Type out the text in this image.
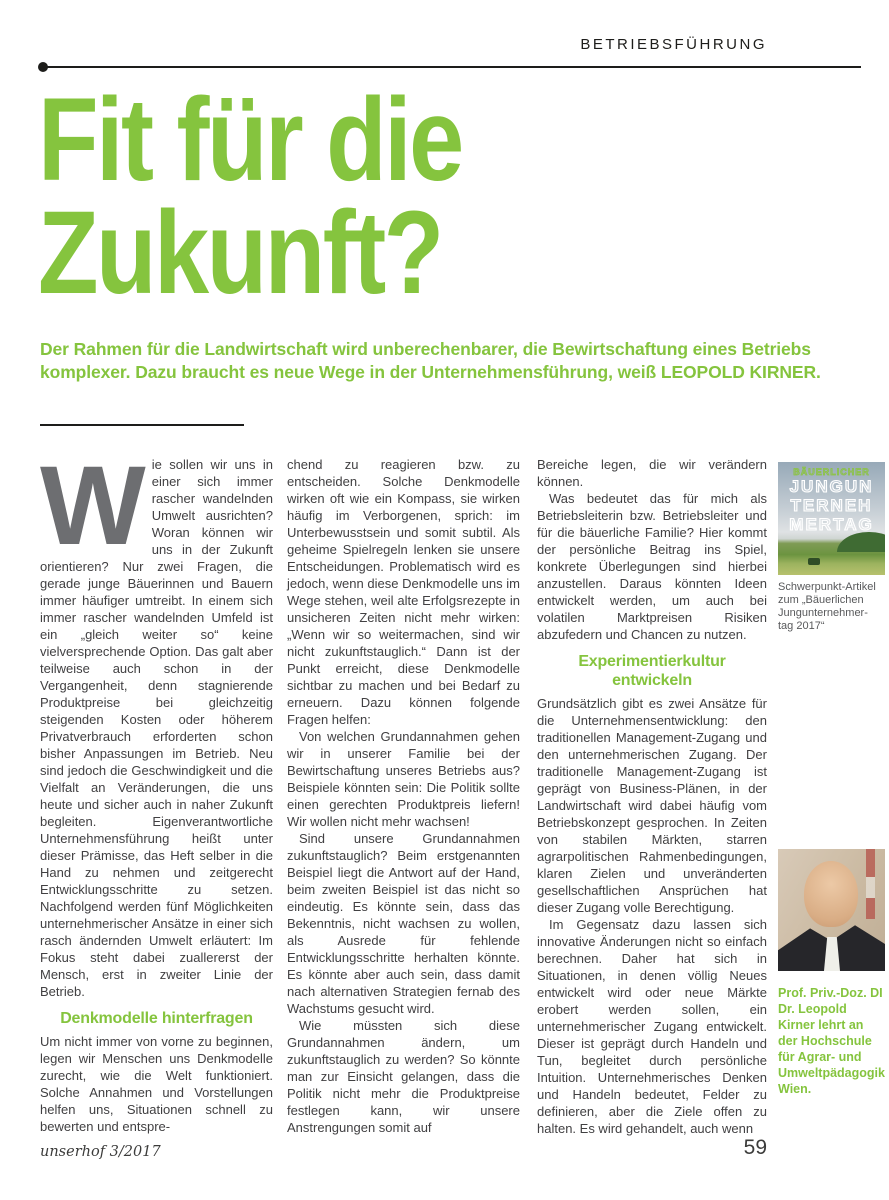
BETRIEBSFÜHRUNG
Fit für die
Zukunft?
Der Rahmen für die Landwirtschaft wird unberechenbarer, die Bewirtschaftung eines Betriebs komplexer. Dazu braucht es neue Wege in der Unternehmensführung, weiß LEOPOLD KIRNER.

Wie sollen wir uns in einer sich immer rascher wandelnden Umwelt ausrichten? Woran können wir uns in der Zukunft orientieren? Nur zwei Fragen, die gerade junge Bäuerinnen und Bauern immer häufiger umtreibt. In einem sich immer rascher wandelnden Umfeld ist ein „gleich weiter so“ keine vielversprechende Option. Das galt aber teilweise auch schon in der Vergangenheit, denn stagnierende Produktpreise bei gleichzeitig steigenden Kosten oder höherem Privatverbrauch erforderten schon bisher Anpassungen im Betrieb. Neu sind jedoch die Geschwindigkeit und die Vielfalt an Veränderungen, die uns heute und sicher auch in naher Zukunft begleiten. Eigenverantwortliche Unternehmensführung heißt unter dieser Prämisse, das Heft selber in die Hand zu nehmen und zeitgerecht Entwicklungsschritte zu setzen. Nachfolgend werden fünf Möglichkeiten unternehmerischer Ansätze in einer sich rasch ändernden Umwelt erläutert: Im Fokus steht dabei zuallererst der Mensch, erst in zweiter Linie der Betrieb.

Denkmodelle hinterfragen

Um nicht immer von vorne zu beginnen, legen wir Menschen uns Denkmodelle zurecht, wie die Welt funktioniert. Solche Annahmen und Vorstellungen helfen uns, Situationen schnell zu bewerten und entspre-

chend zu reagieren bzw. zu entscheiden. Solche Denkmodelle wirken oft wie ein Kompass, sie wirken häufig im Verborgenen, sprich: im Unterbewusstsein und somit subtil. Als geheime Spielregeln lenken sie unsere Entscheidungen. Problematisch wird es jedoch, wenn diese Denkmodelle uns im Wege stehen, weil alte Erfolgsrezepte in unsicheren Zeiten nicht mehr wirken: „Wenn wir so weitermachen, sind wir nicht zukunftstauglich.“ Dann ist der Punkt erreicht, diese Denkmodelle sichtbar zu machen und bei Bedarf zu erneuern. Dazu können folgende Fragen helfen:

Von welchen Grundannahmen gehen wir in unserer Familie bei der Bewirtschaftung unseres Betriebs aus? Beispiele könnten sein: Die Politik sollte einen gerechten Produktpreis liefern! Wir wollen nicht mehr wachsen!

Sind unsere Grundannahmen zukunftstauglich? Beim erstgenannten Beispiel liegt die Antwort auf der Hand, beim zweiten Beispiel ist das nicht so eindeutig. Es könnte sein, dass das Bekenntnis, nicht wachsen zu wollen, als Ausrede für fehlende Entwicklungsschritte herhalten könnte. Es könnte aber auch sein, dass damit nach alternativen Strategien fernab des Wachstums gesucht wird.

Wie müssten sich diese Grundannahmen ändern, um zukunftstauglich zu werden? So könnte man zur Einsicht gelangen, dass die Politik nicht mehr die Produktpreise festlegen kann, wir unsere Anstrengungen somit auf

Bereiche legen, die wir verändern können.

Was bedeutet das für mich als Betriebsleiterin bzw. Betriebsleiter und für die bäuerliche Familie? Hier kommt der persönliche Beitrag ins Spiel, konkrete Überlegungen sind hierbei anzustellen. Daraus könnten Ideen entwickelt werden, um auch bei volatilen Marktpreisen Risiken abzufedern und Chancen zu nutzen.

Experimentierkultur entwickeln

Grundsätzlich gibt es zwei Ansätze für die Unternehmensentwicklung: den traditionellen Management-Zugang und den unternehmerischen Zugang. Der traditionelle Management-Zugang ist geprägt von Business-Plänen, in der Landwirtschaft wird dabei häufig vom Betriebskonzept gesprochen. In Zeiten von stabilen Märkten, starren agrarpolitischen Rahmenbedingungen, klaren Zielen und unveränderten gesellschaftlichen Ansprüchen hat dieser Zugang volle Berechtigung.

Im Gegensatz dazu lassen sich innovative Änderungen nicht so einfach berechnen. Daher hat sich in Situationen, in denen völlig Neues entwickelt wird oder neue Märkte erobert werden sollen, ein unternehmerischer Zugang entwickelt. Dieser ist geprägt durch Handeln und Tun, begleitet durch persönliche Intuition. Unternehmerisches Denken und Handeln bedeutet, Felder zu definieren, aber die Ziele offen zu halten. Es wird gehandelt, auch wenn

BÄUERLICHER
JUNGUN
TERNEH
MERTAG
Schwerpunkt-Artikel zum „Bäuerlichen Jungunternehmer- tag 2017“
Prof. Priv.-Doz. DI Dr. Leopold Kirner lehrt an der Hochschule für Agrar- und Umweltpädagogik Wien.
unserhof 3/2017	59
